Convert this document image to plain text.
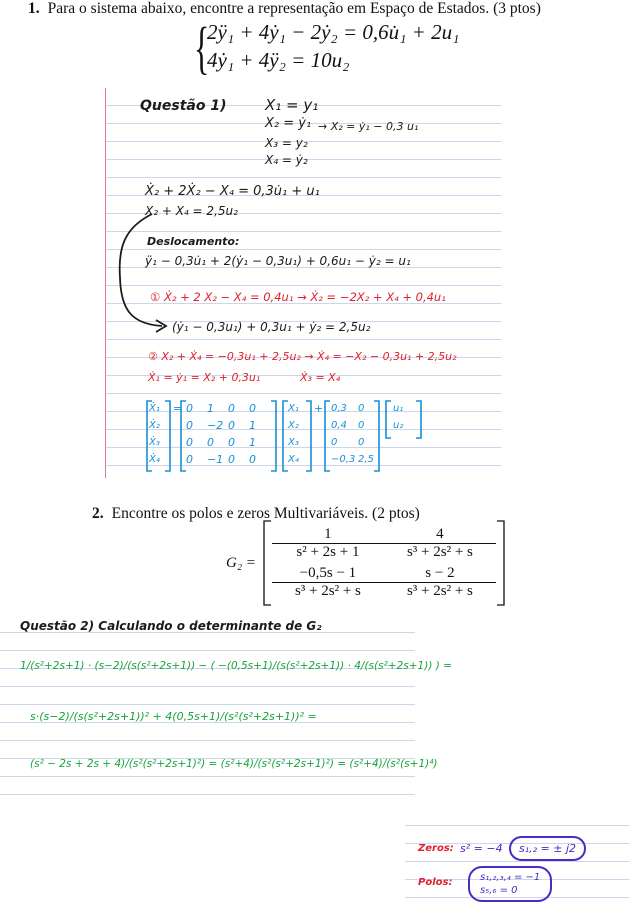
1. Para o sistema abaixo, encontre a representação em Espaço de Estados. (3 ptos)
{
2ÿ₁ + 4ẏ₁ − 2ẏ₂ = 0,6u̇₁ + 2u₁
4ẏ₁ + 4ÿ₂ = 10u₂
Questão 1)	X₁ = y₁
X₂ = ẏ₁ → X₂ = ẏ₁ − 0,3 u₁
X₃ = y₂
X₄ = ẏ₂
Ẋ₂ + 2Ẋ₂ − X₄ = 0,3u̇₁ + u₁
X₂ + X₄ = 2,5u₂
Deslocamento:
ÿ₁ − 0,3u̇₁ + 2(ẏ₁ − 0,3u₁) + 0,6u₁ − ẏ₂ = u₁
① Ẋ₂ + 2 X₂ − X₄ = 0,4u₁ → Ẋ₂ = −2X₂ + X₄ + 0,4u₁
(ẏ₁ − 0,3u₁) + 0,3u₁ + ẏ₂ = 2,5u₂
② X₂ + Ẋ₄ = −0,3u₁ + 2,5u₂ → Ẋ₄ = −X₂ − 0,3u₁ + 2,5u₂
Ẋ₁ = ẏ₁ = X₂ + 0,3u₁	Ẋ₃ = X₄
=	+
Ẋ₁
Ẋ₂
Ẋ₃
Ẋ₄
0	1	0	0
0	−2 0	1
0	0	0	1
0	−1 0	0
X₁
X₂
X₃
X₄
0,3	0
0,4	0
0	0
−0,3 2,5
u₁
u₂
2. Encontre os polos e zeros Multivariáveis. (2 ptos)
G₂ =
$\frac{1}{\text{s² + 2s + 1}} \frac{4}{\text{s³ + 2s² + s}}$
$\frac{-0,5s - 1}{\text{s³ + 2s² + s}} \frac{s - 2}{\text{s³ + 2s² + s}}$
Questão 2) Calculando o determinante de G₂
1/(s²+2s+1) · (s−2)/(s(s²+2s+1)) − ( −(0,5s+1)/(s(s²+2s+1)) · 4/(s(s²+2s+1)) ) =
s·(s−2)/(s(s²+2s+1))² + 4(0,5s+1)/(s²(s²+2s+1))² =
(s² − 2s + 2s + 4)/(s²(s²+2s+1)²) = (s²+4)/(s²(s²+2s+1)²) = (s²+4)/(s²(s+1)⁴)
Zeros: s² = −4	s₁,₂ = ± j2
Polos:	s₁,₂,₃,₄ = −1
s₅,₆ = 0
